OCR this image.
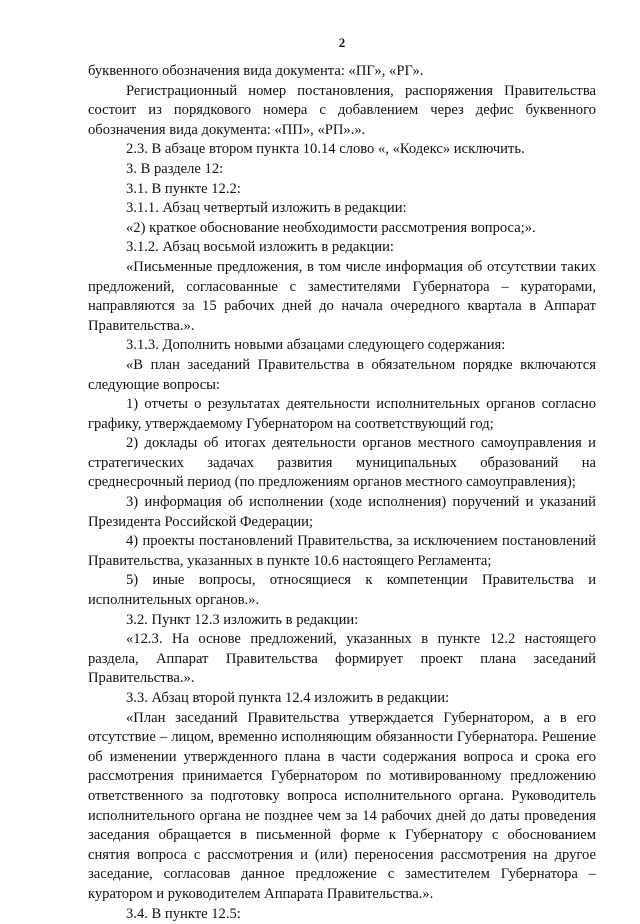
2

буквенного обозначения вида документа: «ПГ», «РГ».

Регистрационный номер постановления, распоряжения Правительства состоит из порядкового номера с добавлением через дефис буквенного обозначения вида документа: «ПП», «РП».».

2.3. В абзаце втором пункта 10.14 слово «, «Кодекс» исключить.

3. В разделе 12:

3.1. В пункте 12.2:

3.1.1. Абзац четвертый изложить в редакции:

«2) краткое обоснование необходимости рассмотрения вопроса;».

3.1.2. Абзац восьмой изложить в редакции:

«Письменные предложения, в том числе информация об отсутствии таких предложений, согласованные с заместителями Губернатора – кураторами, направляются за 15 рабочих дней до начала очередного квартала в Аппарат Правительства.».

3.1.3. Дополнить новыми абзацами следующего содержания:

«В план заседаний Правительства в обязательном порядке включаются следующие вопросы:

1) отчеты о результатах деятельности исполнительных органов согласно графику, утверждаемому Губернатором на соответствующий год;

2) доклады об итогах деятельности органов местного самоуправления и стратегических задачах развития муниципальных образований на среднесрочный период (по предложениям органов местного самоуправления);

3) информация об исполнении (ходе исполнения) поручений и указаний Президента Российской Федерации;

4) проекты постановлений Правительства, за исключением постановлений Правительства, указанных в пункте 10.6 настоящего Регламента;

5) иные вопросы, относящиеся к компетенции Правительства и исполнительных органов.».

3.2. Пункт 12.3 изложить в редакции:

«12.3. На основе предложений, указанных в пункте 12.2 настоящего раздела, Аппарат Правительства формирует проект плана заседаний Правительства.».

3.3. Абзац второй пункта 12.4 изложить в редакции:

«План заседаний Правительства утверждается Губернатором, а в его отсутствие – лицом, временно исполняющим обязанности Губернатора. Решение об изменении утвержденного плана в части содержания вопроса и срока его рассмотрения принимается Губернатором по мотивированному предложению ответственного за подготовку вопроса исполнительного органа. Руководитель исполнительного органа не позднее чем за 14 рабочих дней до даты проведения заседания обращается в письменной форме к Губернатору с обоснованием снятия вопроса с рассмотрения и (или) переносения рассмотрения на другое заседание, согласовав данное предложение с заместителем Губернатора – куратором и руководителем Аппарата Правительства.».

3.4. В пункте 12.5:
